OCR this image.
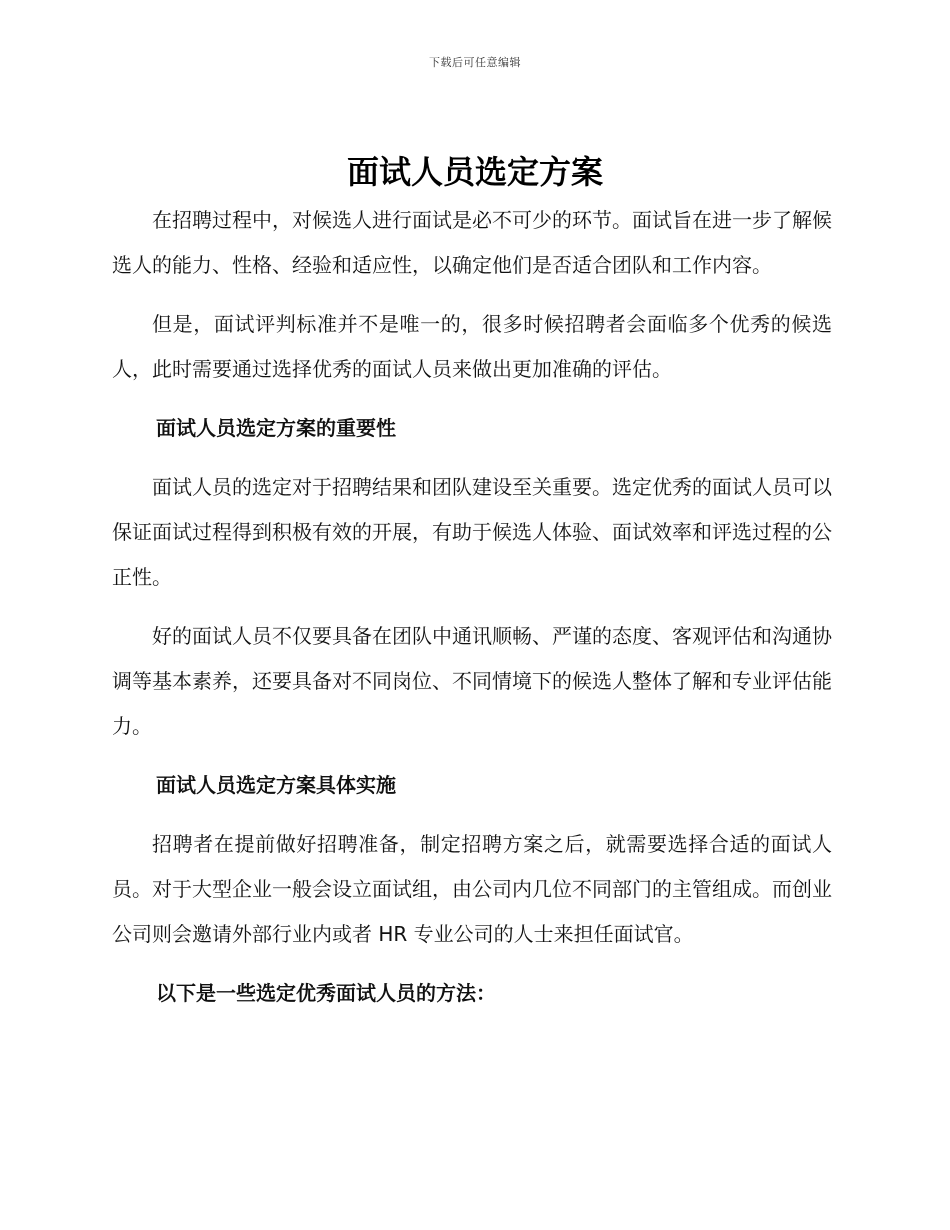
下载后可任意编辑
面试人员选定方案

在招聘过程中，对候选人进行面试是必不可少的环节。面试旨在进一步了解候选人的能力、性格、经验和适应性，以确定他们是否适合团队和工作内容。

但是，面试评判标准并不是唯一的，很多时候招聘者会面临多个优秀的候选人，此时需要通过选择优秀的面试人员来做出更加准确的评估。

面试人员选定方案的重要性

面试人员的选定对于招聘结果和团队建设至关重要。选定优秀的面试人员可以保证面试过程得到积极有效的开展，有助于候选人体验、面试效率和评选过程的公正性。

好的面试人员不仅要具备在团队中通讯顺畅、严谨的态度、客观评估和沟通协调等基本素养，还要具备对不同岗位、不同情境下的候选人整体了解和专业评估能力。

面试人员选定方案具体实施

招聘者在提前做好招聘准备，制定招聘方案之后，就需要选择合适的面试人员。对于大型企业一般会设立面试组，由公司内几位不同部门的主管组成。而创业公司则会邀请外部行业内或者 HR 专业公司的人士来担任面试官。

以下是一些选定优秀面试人员的方法：
